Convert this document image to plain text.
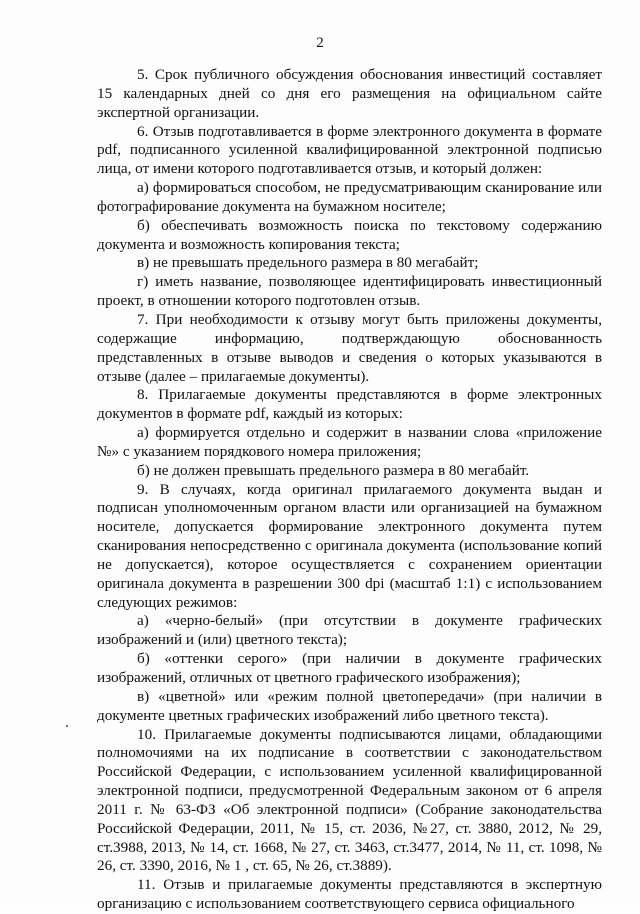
2

5. Срок публичного обсуждения обоснования инвестиций составляет 15 календарных дней со дня его размещения на официальном сайте экспертной организации.

6. Отзыв подготавливается в форме электронного документа в формате pdf, подписанного усиленной квалифицированной электронной подписью лица, от имени которого подготавливается отзыв, и который должен:

а) формироваться способом, не предусматривающим сканирование или фотографирование документа на бумажном носителе;

б) обеспечивать возможность поиска по текстовому содержанию документа и возможность копирования текста;

в) не превышать предельного размера в 80 мегабайт;

г) иметь название, позволяющее идентифицировать инвестиционный проект, в отношении которого подготовлен отзыв.

7. При необходимости к отзыву могут быть приложены документы, содержащие информацию, подтверждающую обоснованность представленных в отзыве выводов и сведения о которых указываются в отзыве (далее – прилагаемые документы).

8. Прилагаемые документы представляются в форме электронных документов в формате pdf, каждый из которых:

а) формируется отдельно и содержит в названии слова «приложение №» с указанием порядкового номера приложения;

б) не должен превышать предельного размера в 80 мегабайт.

9. В случаях, когда оригинал прилагаемого документа выдан и подписан уполномоченным органом власти или организацией на бумажном носителе, допускается формирование электронного документа путем сканирования непосредственно с оригинала документа (использование копий не допускается), которое осуществляется с сохранением ориентации оригинала документа в разрешении 300 dpi (масштаб 1:1) с использованием следующих режимов:

а) «черно-белый» (при отсутствии в документе графических изображений и (или) цветного текста);

б) «оттенки серого» (при наличии в документе графических изображений, отличных от цветного графического изображения);

в) «цветной» или «режим полной цветопередачи» (при наличии в документе цветных графических изображений либо цветного текста).

10. Прилагаемые документы подписываются лицами, обладающими полномочиями на их подписание в соответствии с законодательством Российской Федерации, с использованием усиленной квалифицированной электронной подписи, предусмотренной Федеральным законом от 6 апреля 2011 г. № 63-ФЗ «Об электронной подписи» (Собрание законодательства Российской Федерации, 2011, № 15, ст. 2036, №27, ст. 3880, 2012, № 29, ст.3988, 2013, № 14, ст. 1668, № 27, ст. 3463, ст.3477, 2014, № 11, ст. 1098, № 26, ст. 3390, 2016, № 1 , ст. 65, № 26, ст.3889).

11. Отзыв и прилагаемые документы представляются в экспертную организацию с использованием соответствующего сервиса официального
